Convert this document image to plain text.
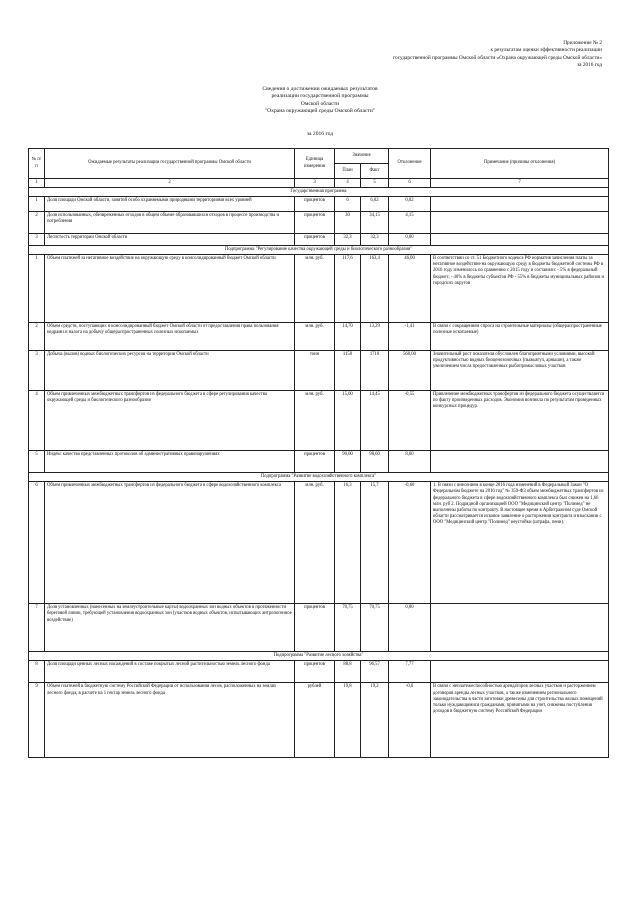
Приложение № 2
к результатам оценки эффективности реализации
государственной программы Омской области «Охрана окружающей среды Омской области»
за 2016 год
Сведения о достижении ожидаемых результатов
реализации государственной программы
Омской области
"Охрана окружающей среды Омской области"
за 2016 год
№ п/п	Ожидаемые результаты реализации государственной программы Омской области	Единица измерения	Значение		Отклонение	Примечание (причины отклонения)
			План	Факт		
1	2	3	4	5	6	7
Государственная программа						
1	Доля площади Омской области, занятой особо охраняемыми природными территориями всех уровней	процентов	6	6,02	0,02	
2	Доля использованных, обезвреженных отходов в общем объеме образовавшихся отходов в процессе производства и потребления	процентов	30	34,15	4,15	
3	Лесистость территории Омской области	процентов	32,3	32,3	0,00	
Подпрограмма "Регулирование качества окружающей среды и биологического разнообразия"						
1	Объем платежей за негативное воздействие на окружающую среду в консолидированный бюджет Омской области	млн. руб.	117,6	163,4	46,00	В соответствии со ст. 51 Бюджетного кодекса РФ норматив зачисления платы за негативное воздействие на окружающую среду в бюджеты бюджетной системы РФ в 2016 году изменилось по сравнению с 2015 году и составили: - 5% в федеральный бюджет; - 40% в бюджеты субъектов РФ - 55% в бюджеты муниципальных районов и городских округов
2	Объем средств, поступающих в консолидированный бюджет Омской области от предоставления права пользования недрами и налога на добычу общераспространенных полезных ископаемых	млн. руб.	14,70	13,29	-1,41	В связи с сокращением спроса на строительные материалы (общераспространенные полезные ископаемые)
3	Добыча (вылов) водных биологических ресурсов на территории Омской области	тонн	1150	1710	560,00	Значительный рост показателя обусловлен благоприятными условиями, высокой продуктивностью водных биоценозоночных (пыжьягул, арнышн), а также увеличением числа предоставленных рыбопромысловых участков
4	Объем привлеченных межбюджетных трансфертов из федерального бюджета в сфере регулирования качества окружающей среды и биологического разнообразия	млн. руб.	15,00	14,45	-0,55	Привлечение межбюджетных трансфертов из федерального бюджета осуществляется по факту произведенных расходов. Экономия возникла по результатам проведенных конкурсных процедур.
5	Индекс качества представленных протоколов об административных правонарушениях	процентов	90,00	98,60	8,60	
Подпрограмма "Развитие водохозяйственного комплекса"						
6	Объем привлеченных межбюджетных трансфертов из федерального бюджета в сфере водохозяйственного комплекса	млн. руб.	16,3	15,7	-0,60	1. В связи с внесением в конце 2016 года изменений в Федеральный Закон "О Федеральном бюджете на 2016 год" № 359-ФЗ объем межбюджетных трансфертов из федерального бюджета в сфере водохозяйственного комплекса был снижен на 1,66 млн. руб 2. Подрядной организацией ООО "Медицинский центр "Полимед" не выполнены работы по контракту. В настоящее время в Арбитражном суде Омской области рассматривается исковое заявление о расторжении контракта и взыскании с ООО "Медицинский центр "Полимед" неустойки (штрафа, пени).
7	Доля установленных (нанесенных на землеустроительные карты) водоохранных зон водных объектов в протяженности береговой линии, требующей установления водоохранных зон (участков водных объектов, испытывающих антропогенное воздействие)	процентов	70,75	70,75	0,00	
Подпрограмма "Развитие лесного хозяйства"						
8	Доля площади ценных лесных насаждений в составе покрытых лесной растительностью земель лесного фонда	процентов	88,8	96,57	7,77	
9	Объем платежей в бюджетную систему Российской Федерации от использования лесов, расположенных на землях лесного фонда, в расчете на 1 гектар земель лесного фонда	рублей	19,8	19,2	-0,6	В связи с неплатежеспособностью арендаторов лесных участков и расторжением договоров аренды лесных участков, а также изменением регионального законодательства в части заготовки древесины для строительства жилых помещений только нуждающимися гражданами, принятыми на учет, снижены поступления доходов в бюджетную систему Российской Федерации
